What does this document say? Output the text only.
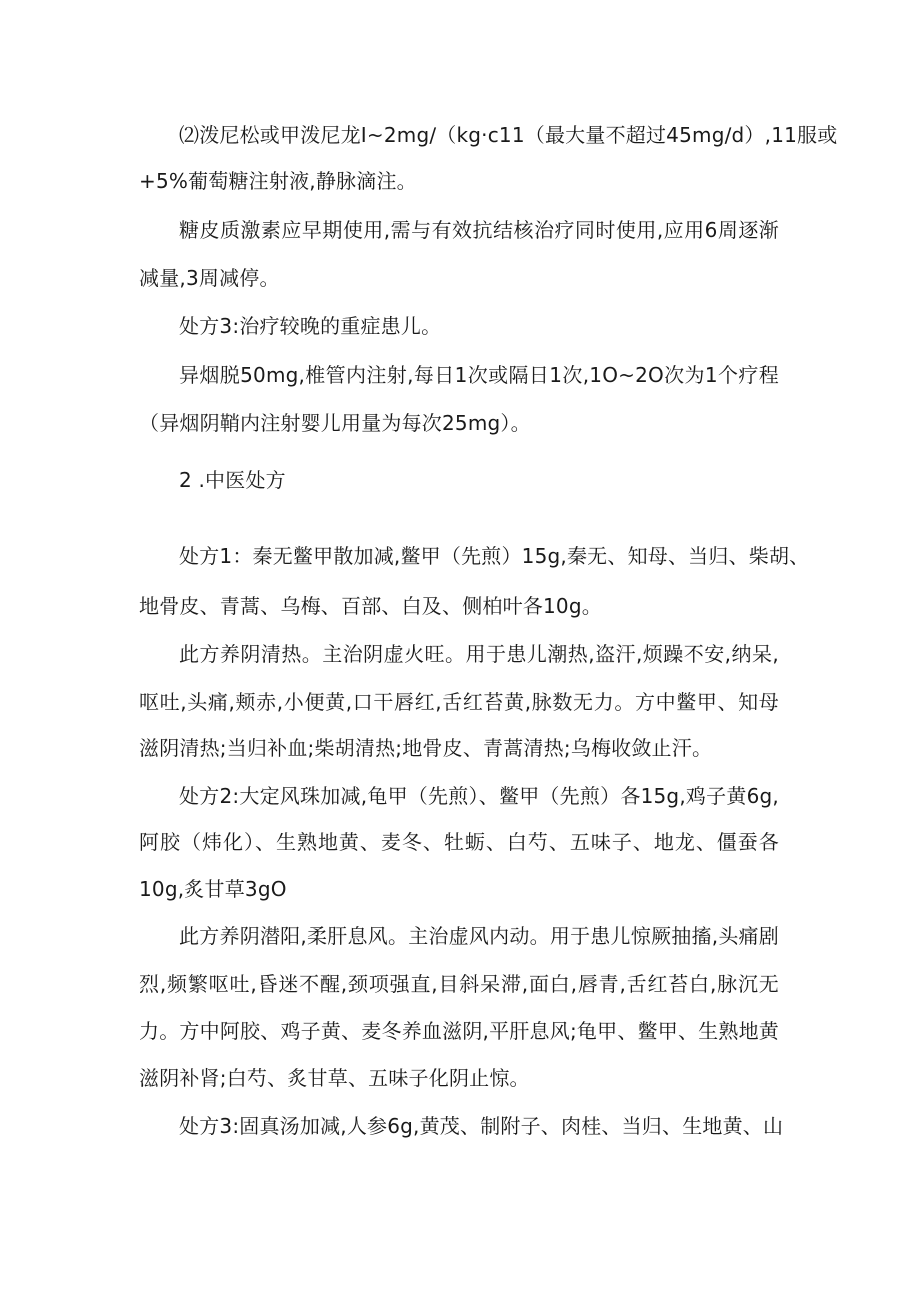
⑵泼尼松或甲泼尼龙I~2mg∕（kg·c11（最大量不超过45mg∕d）,11服或
+5%葡萄糖注射液,静脉滴注。
糖皮质激素应早期使用,需与有效抗结核治疗同时使用,应用6周逐渐
减量,3周减停。
处方3:治疗较晚的重症患儿。
异烟脱50mg,椎管内注射,每日1次或隔日1次,1O~2O次为1个疗程
（异烟阴鞘内注射婴儿用量为每次25mg）。
2 .中医处方
处方1：秦无鳖甲散加减,鳖甲（先煎）15g,秦无、知母、当归、柴胡、
地骨皮、青蒿、乌梅、百部、白及、侧柏叶各10g。
此方养阴清热。主治阴虚火旺。用于患儿潮热,盗汗,烦躁不安,纳呆,
呕吐,头痛,颊赤,小便黄,口干唇红,舌红苔黄,脉数无力。方中鳖甲、知母
滋阴清热;当归补血;柴胡清热;地骨皮、青蒿清热;乌梅收敛止汗。
处方2:大定风珠加减,龟甲（先煎）、鳖甲（先煎）各15g,鸡子黄6g,
阿胶（炜化）、生熟地黄、麦冬、牡蛎、白芍、五味子、地龙、僵蚕各
10g,炙甘草3gO
此方养阴潜阳,柔肝息风。主治虚风内动。用于患儿惊厥抽搐,头痛剧
烈,频繁呕吐,昏迷不醒,颈项强直,目斜呆滞,面白,唇青,舌红苔白,脉沉无
力。方中阿胶、鸡子黄、麦冬养血滋阴,平肝息风;龟甲、鳖甲、生熟地黄
滋阴补肾;白芍、炙甘草、五味子化阴止惊。
处方3:固真汤加减,人参6g,黄茂、制附子、肉桂、当归、生地黄、山
